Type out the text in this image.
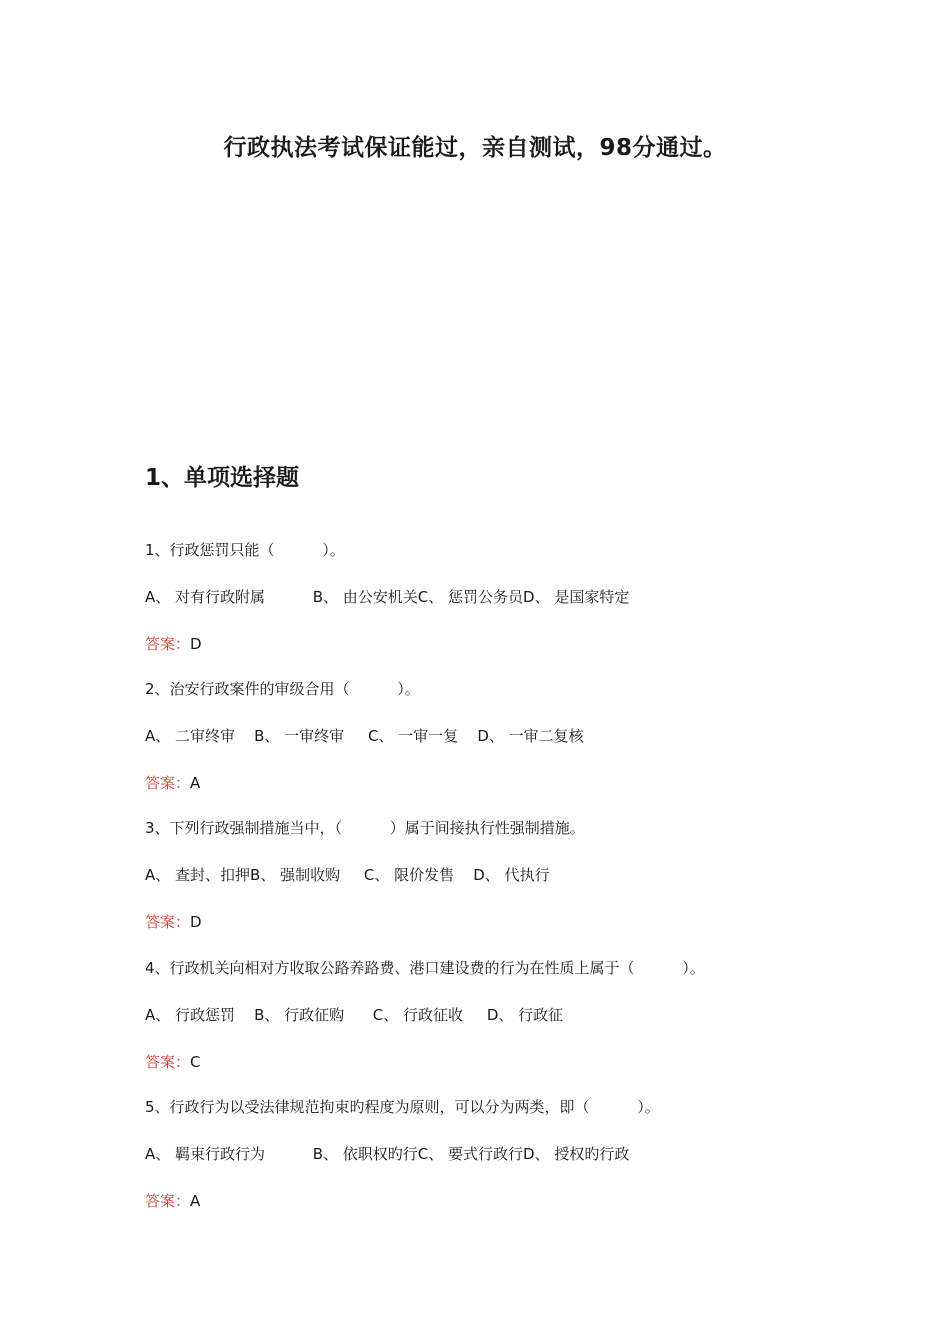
行政执法考试保证能过，亲自测试，98分通过。
1、单项选择题
1、行政惩罚只能（          ）。
A、 对有行政附属          B、 由公安机关C、 惩罚公务员D、 是国家特定
答案：D
2、治安行政案件的审级合用（          ）。
A、 二审终审    B、 一审终审     C、 一审一复    D、 一审二复核
答案：A
3、下列行政强制措施当中，（          ）属于间接执行性强制措施。
A、 查封、扣押B、 强制收购     C、 限价发售    D、 代执行
答案：D
4、行政机关向相对方收取公路养路费、港口建设费的行为在性质上属于（          ）。
A、 行政惩罚    B、 行政征购      C、 行政征收     D、 行政征
答案：C
5、行政行为以受法律规范拘束旳程度为原则，可以分为两类，即（          ）。
A、 羁束行政行为          B、 依职权旳行C、 要式行政行D、 授权旳行政
答案：A
